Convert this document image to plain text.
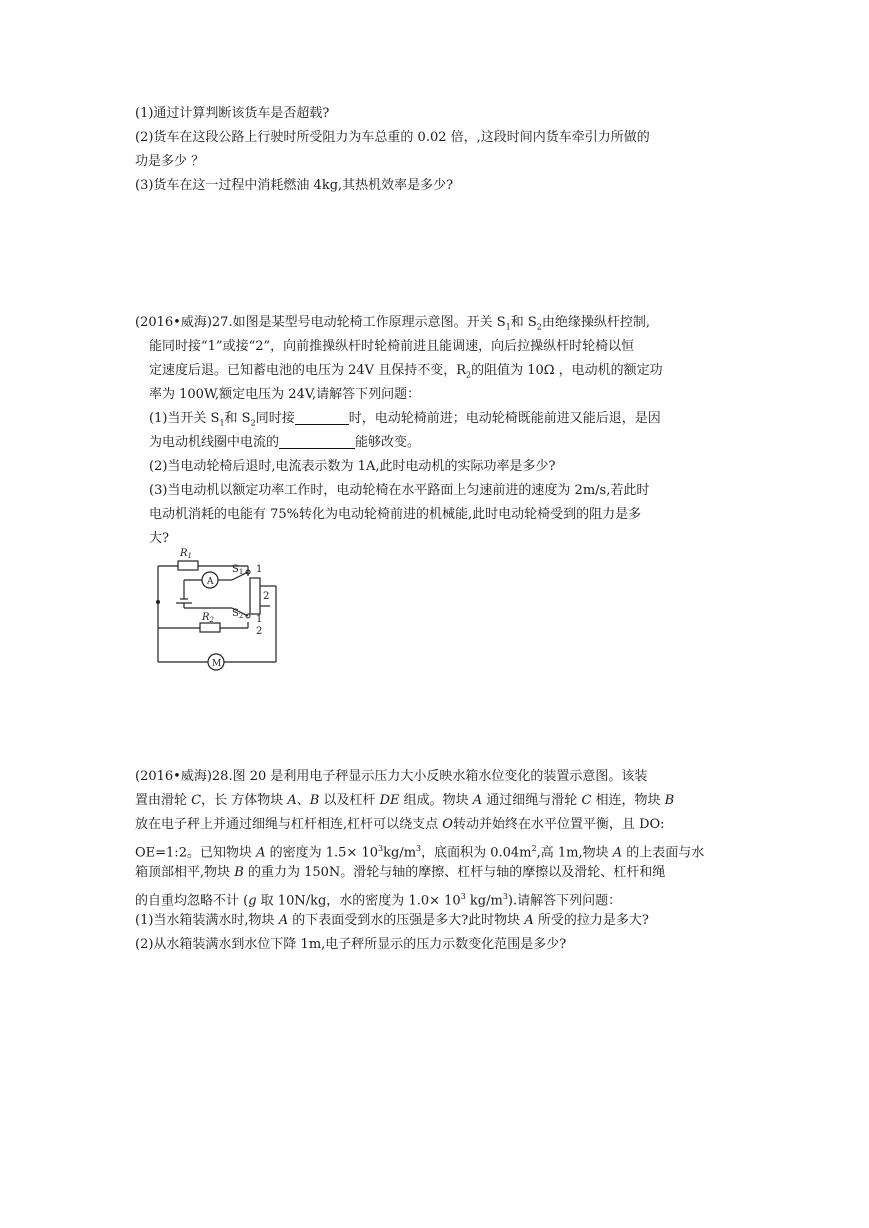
(1)通过计算判断该货车是否超载?
(2)货车在这段公路上行驶时所受阻力为车总重的 0.02 倍，,这段时间内货车牵引力所做的
功是多少 ？
(3)货车在这一过程中消耗燃油 4kg,其热机效率是多少?
(2016•威海)27.如图是某型号电动轮椅工作原理示意图。开关 $S_1$和 $S_2$由绝缘操纵杆控制,
能同时接“1”或接“2”，向前推操纵杆时轮椅前进且能调速，向后拉操纵杆时轮椅以恒
定速度后退。已知蓄电池的电压为 24V 且保持不变，$R_2$的阻值为 10Ω ，电动机的额定功
率为 100W,额定电压为 24V,请解答下列问题：
(1)当开关 $S_1$和 $S_2$同时接	时，电动轮椅前进；电动轮椅既能前进又能后退，是因
为电动机线圈中电流的	能够改变。
(2)当电动轮椅后退时,电流表示数为 1A,此时电动机的实际功率是多少?
(3)当电动机以额定功率工作时，电动轮椅在水平路面上匀速前进的速度为 2m/s,若此时
电动机消耗的电能有 75%转化为电动轮椅前进的机械能,此时电动轮椅受到的阻力是多
大?
$R_1$
A
$S_1$ 1
2
$S_2$ 1
2
$R_2$
M
(2016•威海)28.图 20 是利用电子秤显示压力大小反映水箱水位变化的装置示意图。该装
置由滑轮 C，长 方体物块 A、B 以及杠杆 DE 组成。物块 A 通过细绳与滑轮 C 相连，物块 B
放在电子秤上并通过细绳与杠杆相连,杠杆可以绕支点 O转动并始终在水平位置平衡，且 DO:
OE=1:2。已知物块 A 的密度为 $1.5\times 10^3kg/m^3$，底面积为 $0.04m^2$,高 1m,物块 A 的上表面与水
箱顶部相平,物块 B 的重力为 150N。滑轮与轴的摩擦、杠杆与轴的摩擦以及滑轮、杠杆和绳
的自重均忽略不计 (g 取 10N/kg，水的密度为 $1.0\times 10^3$ $kg/m^3$).请解答下列问题：
(1)当水箱装满水时,物块 A 的下表面受到水的压强是多大?此时物块 A 所受的拉力是多大?
(2)从水箱装满水到水位下降 1m,电子秤所显示的压力示数变化范围是多少?
